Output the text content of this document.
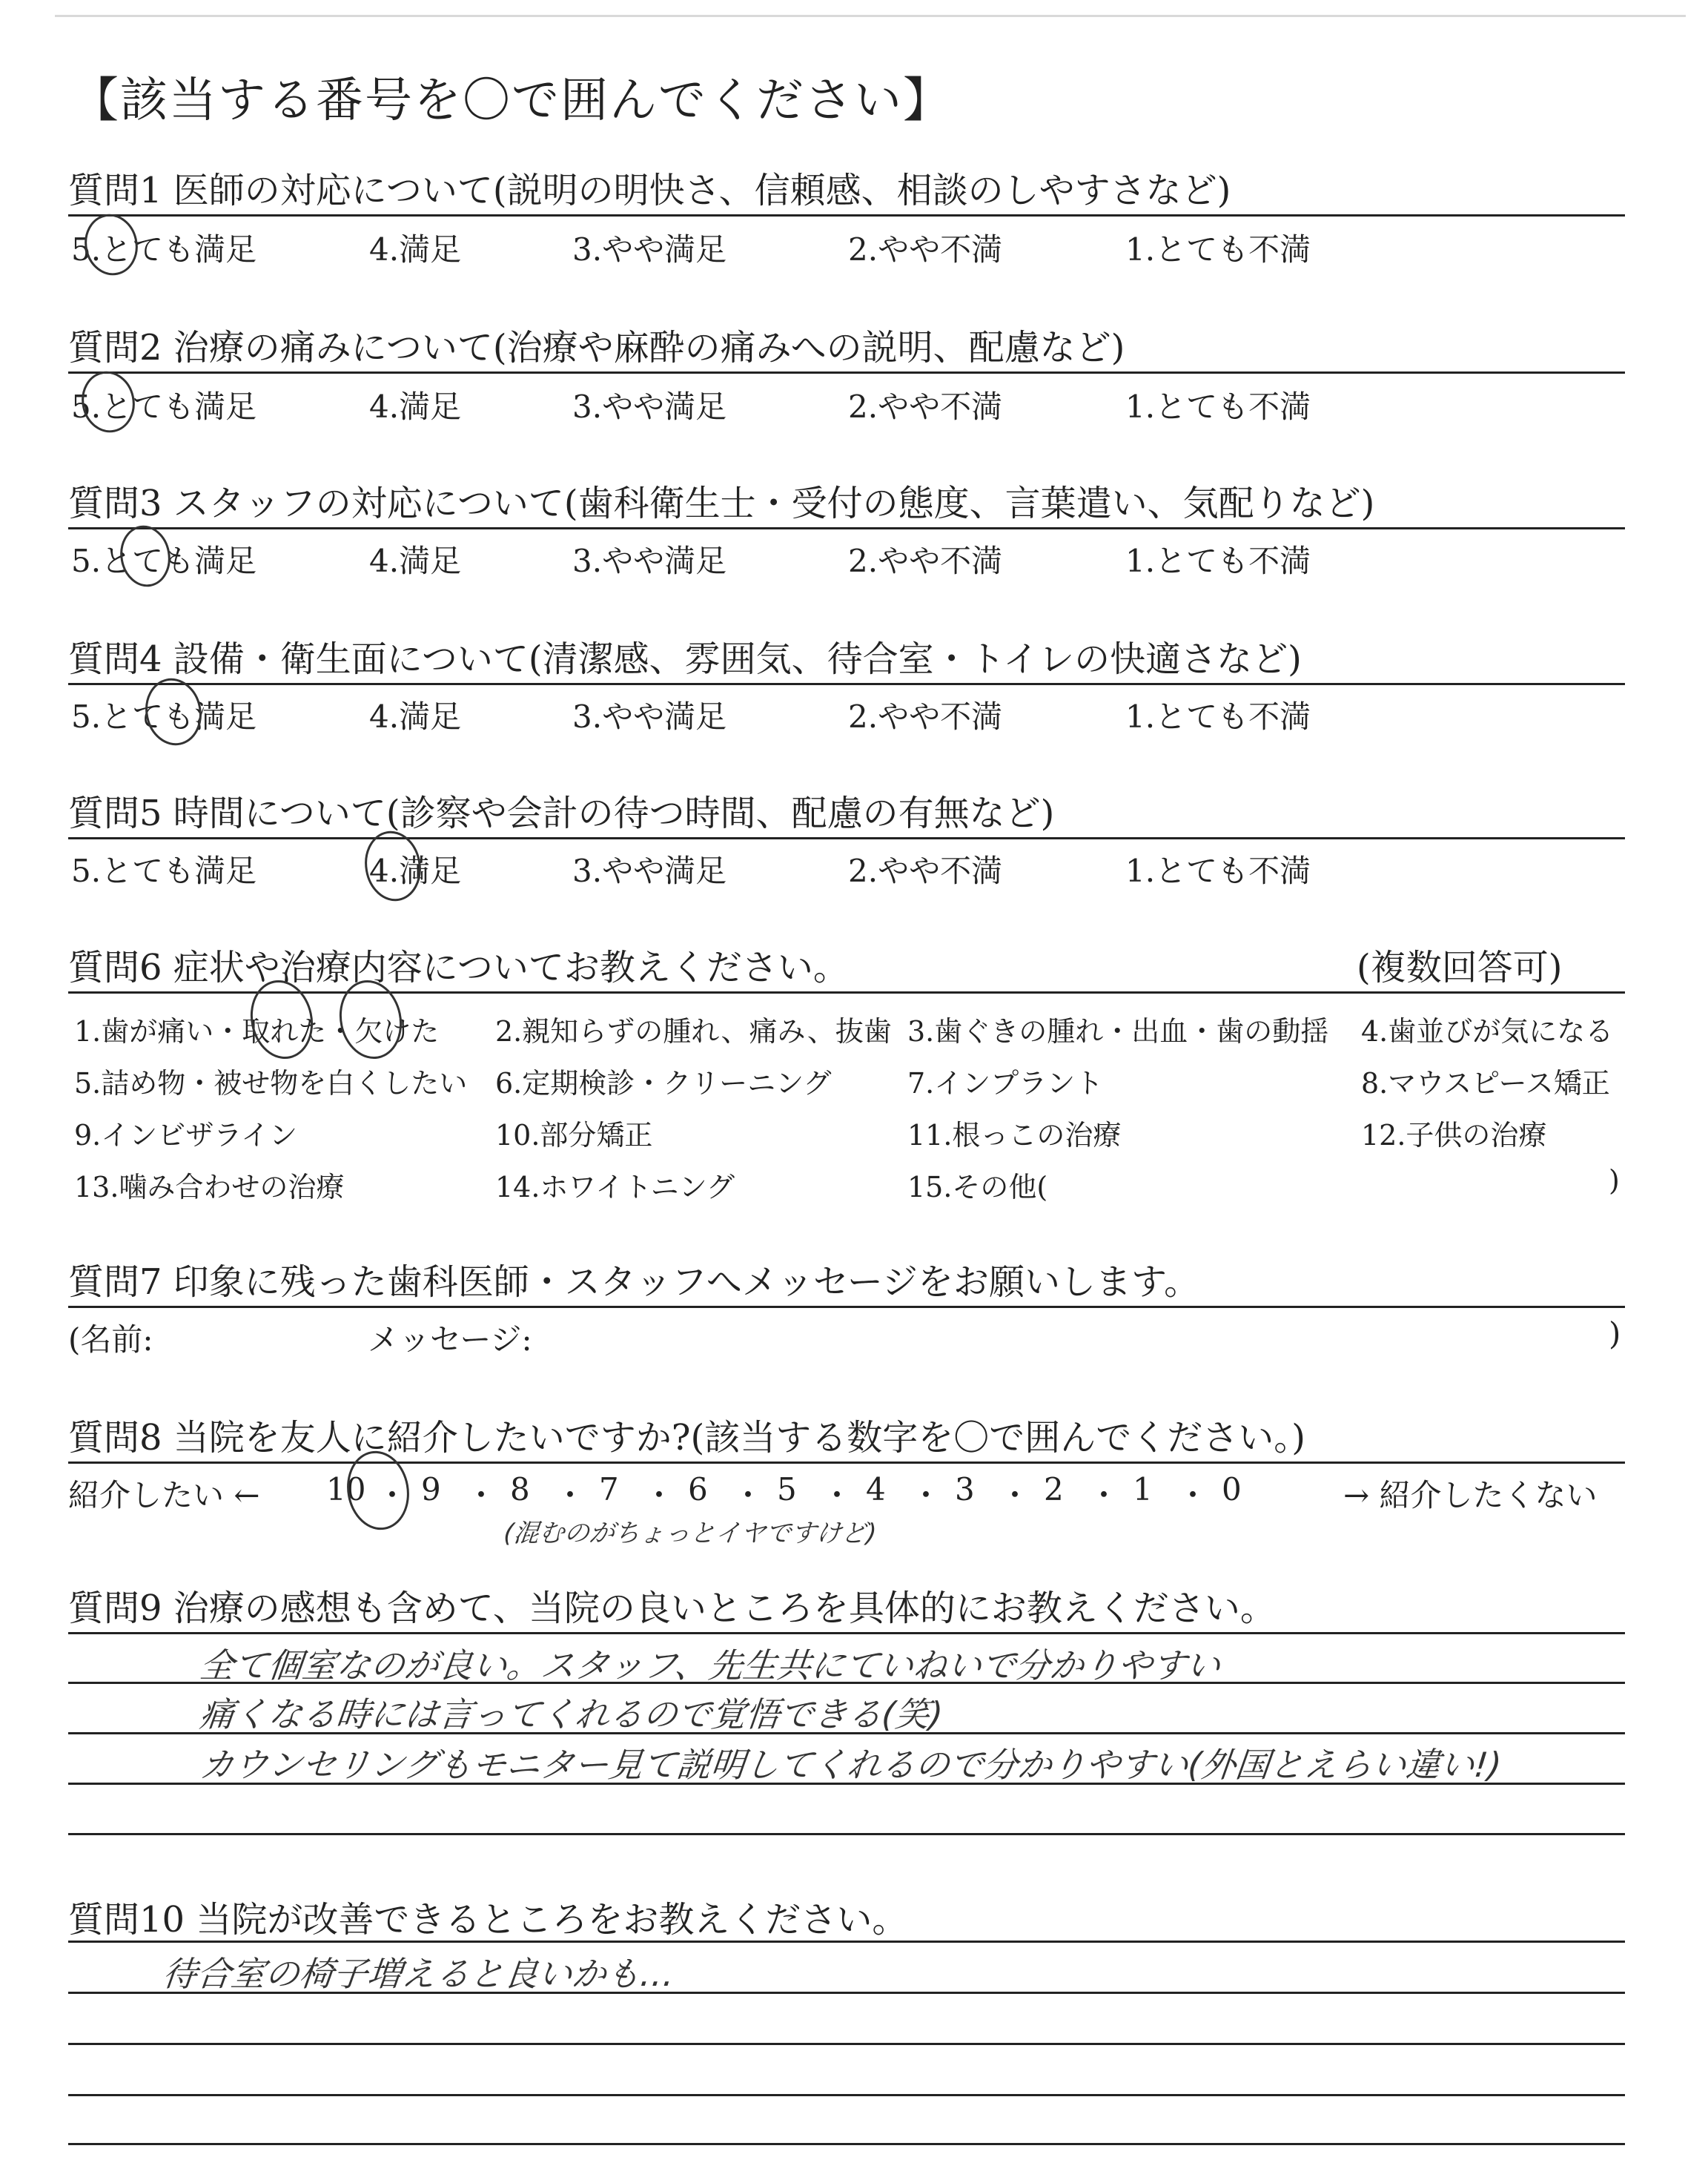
【該当する番号を〇で囲んでください】
質問1 医師の対応について(説明の明快さ、信頼感、相談のしやすさなど)
5.とても満足	4.満足	3.やや満足	2.やや不満	1.とても不満
質問2 治療の痛みについて(治療や麻酔の痛みへの説明、配慮など)
5.とても満足	4.満足	3.やや満足	2.やや不満	1.とても不満
質問3 スタッフの対応について(歯科衛生士・受付の態度、言葉遣い、気配りなど)
5.とても満足	4.満足	3.やや満足	2.やや不満	1.とても不満
質問4 設備・衛生面について(清潔感、雰囲気、待合室・トイレの快適さなど)
5.とても満足	4.満足	3.やや満足	2.やや不満	1.とても不満
質問5 時間について(診察や会計の待つ時間、配慮の有無など)
5.とても満足	4.満足	3.やや満足	2.やや不満	1.とても不満
質問6 症状や治療内容についてお教えください。	(複数回答可)
1.歯が痛い・取れた・欠けた 2.親知らずの腫れ、痛み、抜歯 3.歯ぐきの腫れ・出血・歯の動揺 4.歯並びが気になる
5.詰め物・被せ物を白くしたい 6.定期検診・クリーニング	7.インプラント	8.マウスピース矯正
9.インビザライン	10.部分矯正	11.根っこの治療	12.子供の治療
13.噛み合わせの治療	14.ホワイトニング	15.その他(	)
質問7 印象に残った歯科医師・スタッフへメッセージをお願いします。
(名前:	メッセージ:	)
質問8 当院を友人に紹介したいですか?(該当する数字を〇で囲んでください。)
紹介したい ← 10 ・ 9 ・ 8 ・ 7 ・ 6 ・ 5 ・ 4 ・ 3 ・ 2 ・ 1 ・ 0	→ 紹介したくない
(混むのがちょっとイヤですけど)
質問9 治療の感想も含めて、当院の良いところを具体的にお教えください。
全て個室なのが良い。スタッフ、先生共にていねいで分かりやすい
痛くなる時には言ってくれるので覚悟できる(笑)
カウンセリングもモニター見て説明してくれるので分かりやすい(外国とえらい違い!)
質問10 当院が改善できるところをお教えください。
待合室の椅子増えると良いかも…
